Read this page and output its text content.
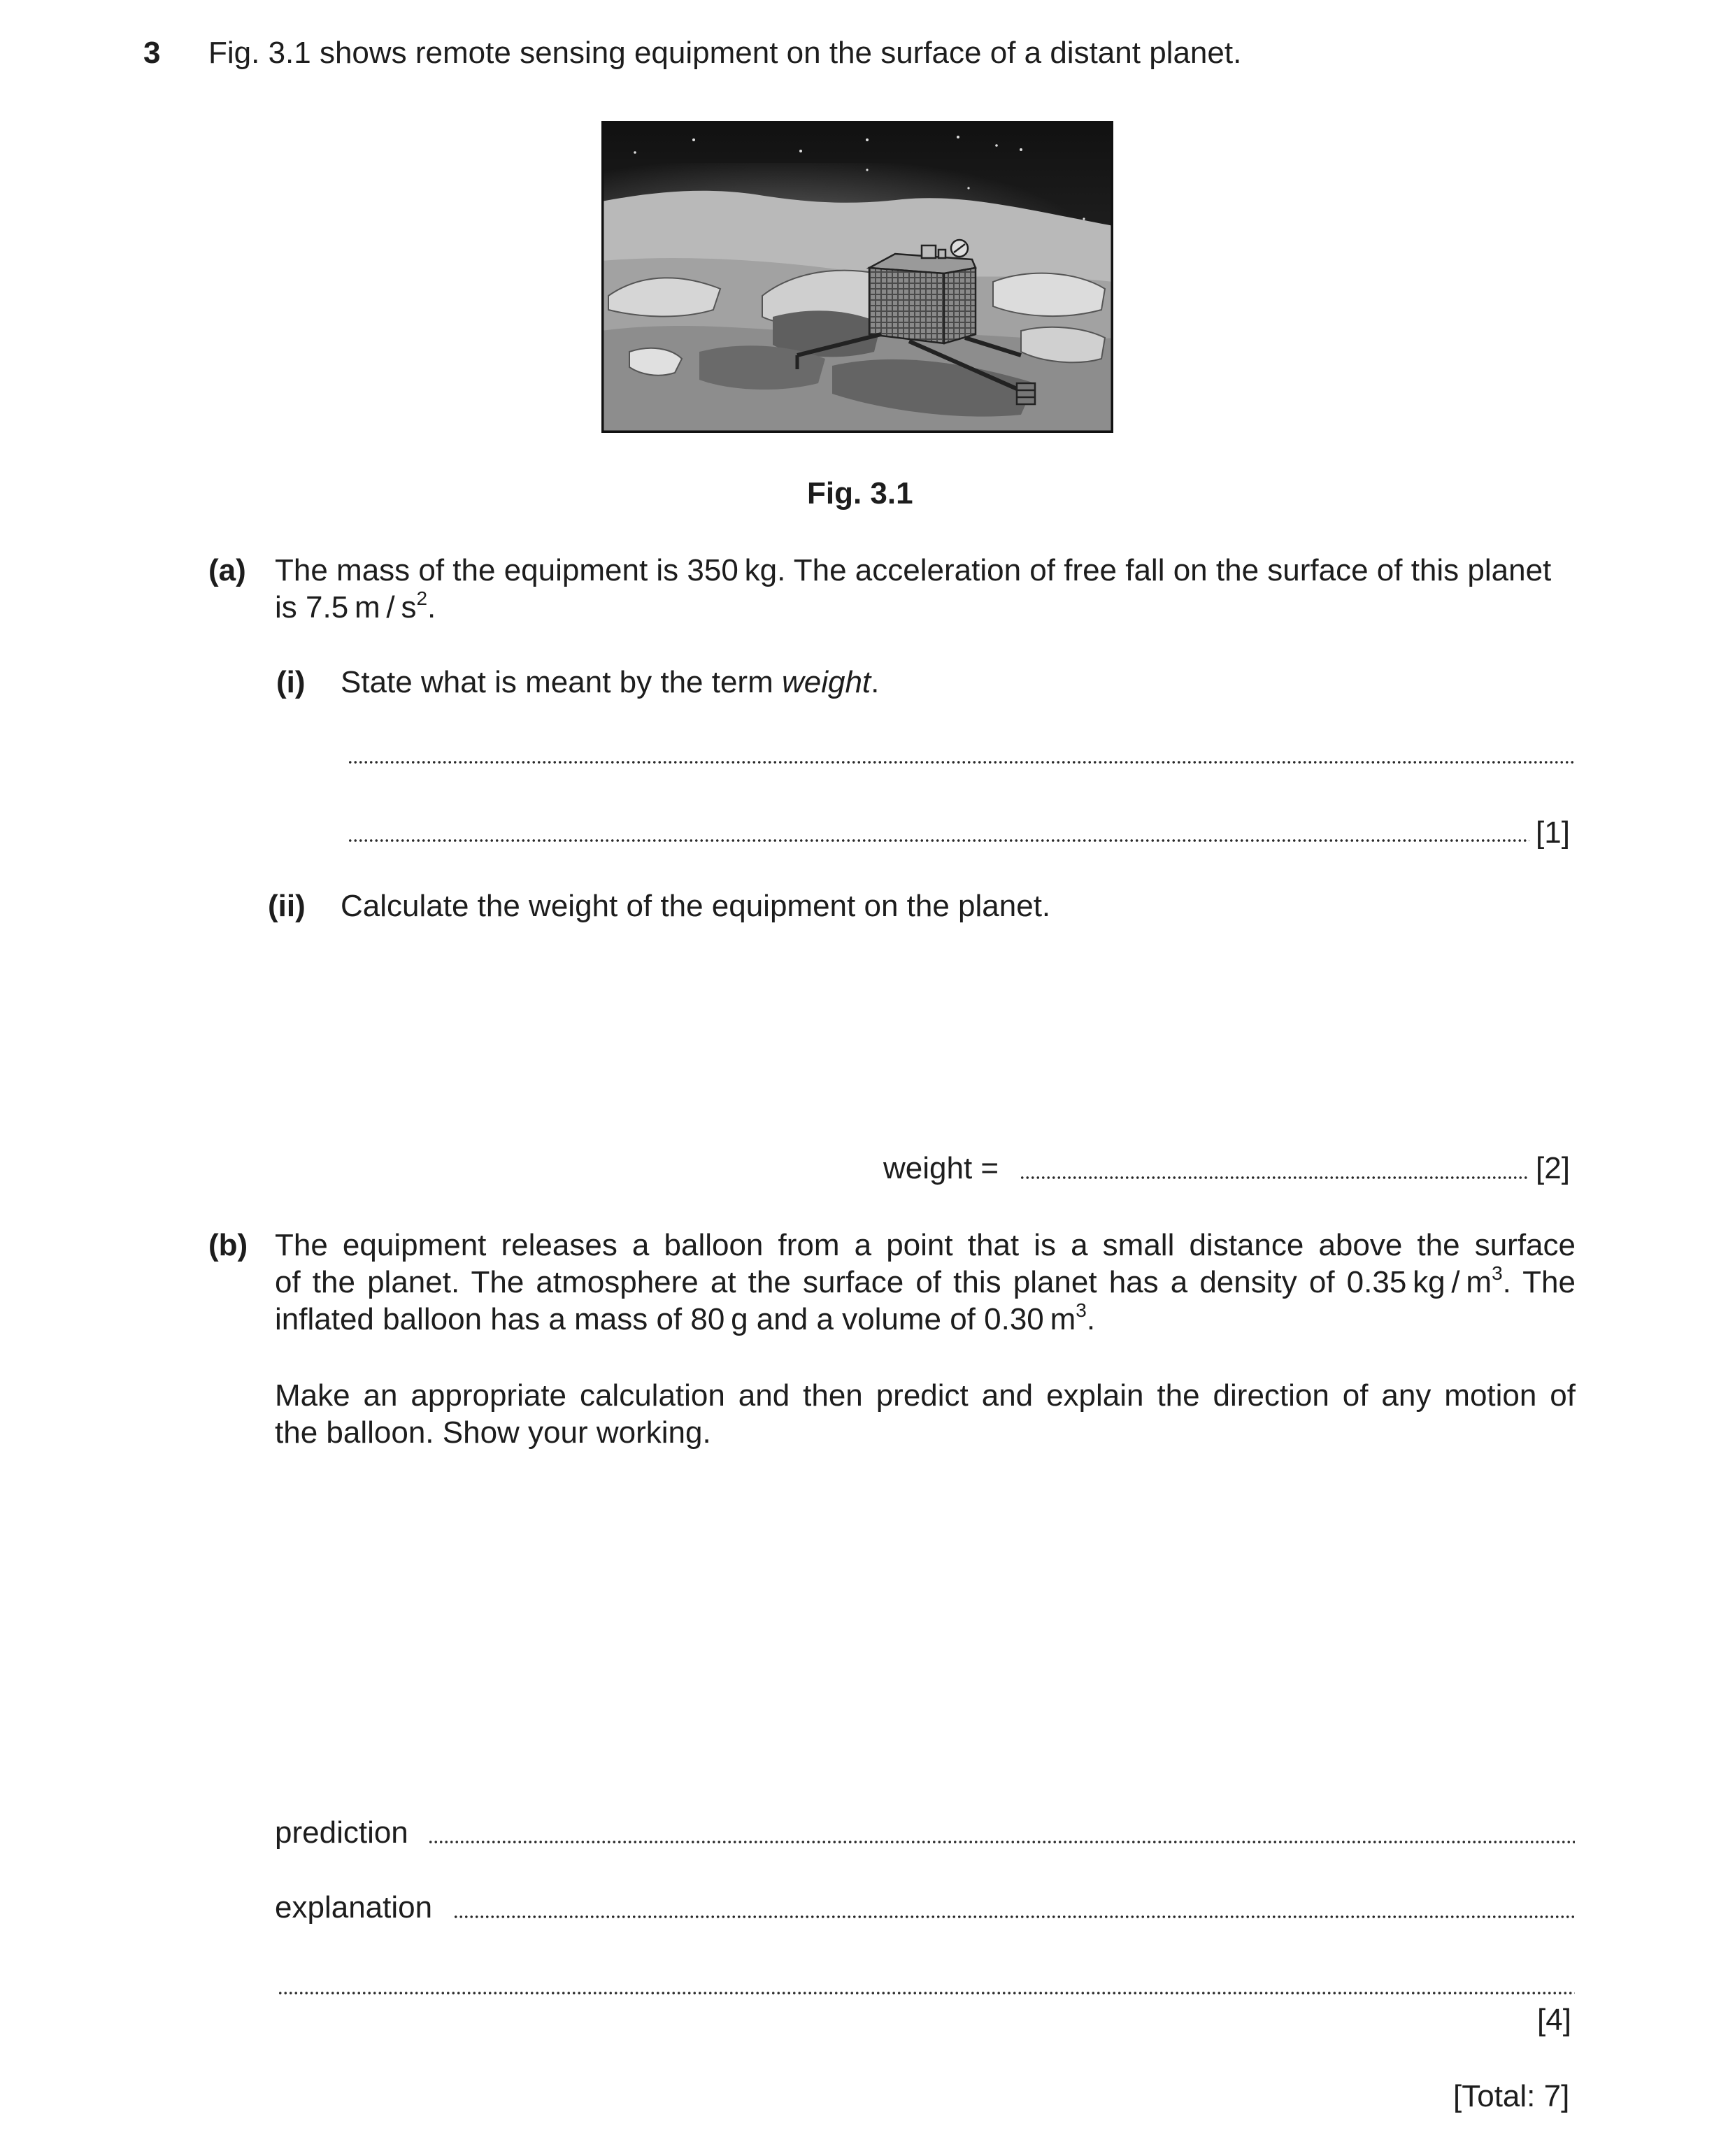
3 Fig. 3.1 shows remote sensing equipment on the surface of a distant planet.
Fig. 3.1
(a) The mass of the equipment is 350 kg. The acceleration of free fall on the surface of this planet
is 7.5 m / $s^2$.
(i) State what is meant by the term weight.
[1]
(ii) Calculate the weight of the equipment on the planet.
weight =	[2]
(b) The equipment releases a balloon from a point that is a small distance above the surface
of the planet. The atmosphere at the surface of this planet has a density of 0.35 kg / $m^3$. The
inflated balloon has a mass of 80 g and a volume of 0.30 $m^3$.
Make an appropriate calculation and then predict and explain the direction of any motion of
the balloon. Show your working.
prediction
explanation
[4]
[Total: 7]
